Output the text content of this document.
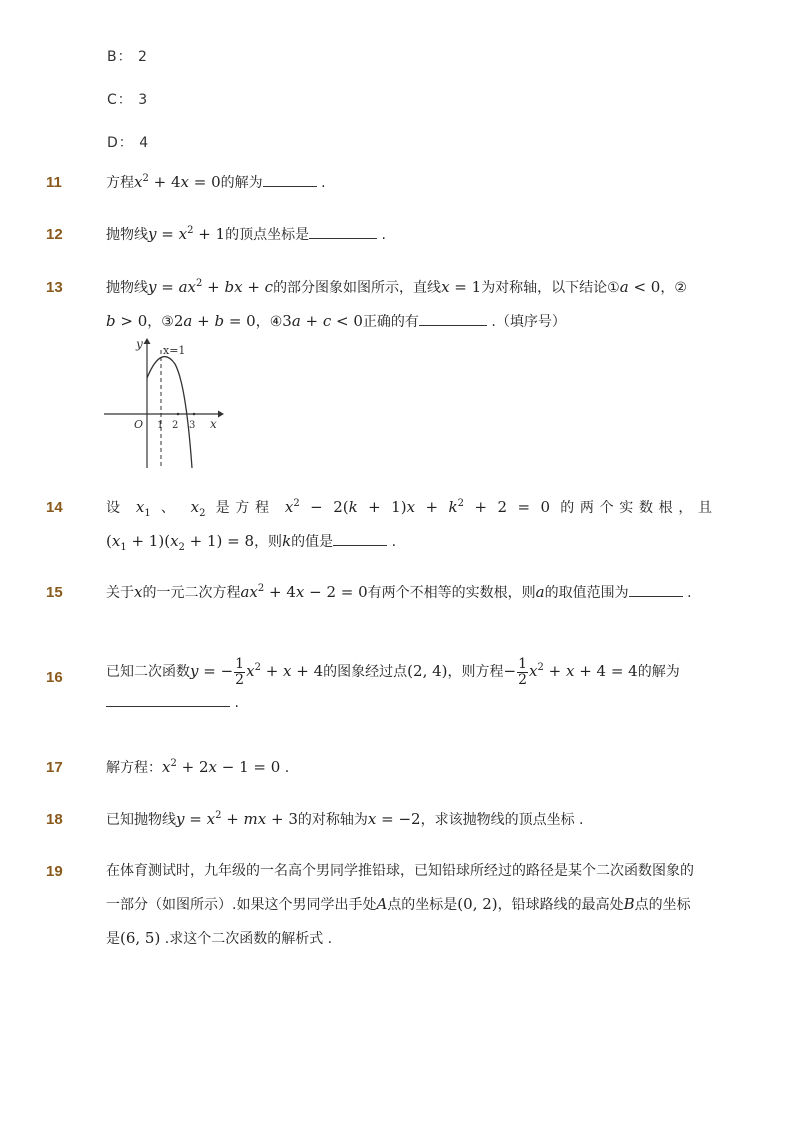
B： 2
C： 3
D： 4
11	方程$x^2 + 4x = 0$的解为	.
12	抛物线$y = x^2 + 1$的顶点坐标是	.
13	抛物线$y = ax^2$ + bx + c的部分图象如图所示，直线x = 1为对称轴，以下结论①a < 0，②
b > 0，③2a + b = 0，④3a + c < 0正确的有	.（填序号）
y x=1
O 1 2 3 x
14	设 $x_1$ 、 $x_2$ 是方程 $x^2 - 2(k + 1)x + k^2 + 2 = 0$ 的两个实数根，且
$(x_1 + 1)(x_2 + 1) = 8$，则k的值是	.
15	关于x的一元二次方程$ax^2 + 4x - 2 = 0$有两个不相等的实数根，则a的取值范围为	.
16	已知二次函数y = − $\frac{1}{2} x^2 + x + 4$的图象经过点(2, 4)，则方程− $\frac{1}{2} x^2 + x + 4 = 4$的解为
.
17	解方程：$x^2 + 2x - 1 = 0$ .
18	已知抛物线$y = x^2$ + mx + 3的对称轴为x = −2，求该抛物线的顶点坐标 .
19	在体育测试时，九年级的一名高个男同学推铅球，已知铅球所经过的路径是某个二次函数图象的
一部分（如图所示）.如果这个男同学出手处A点的坐标是(0, 2)，铅球路线的最高处B点的坐标
是(6, 5) .求这个二次函数的解析式 .
